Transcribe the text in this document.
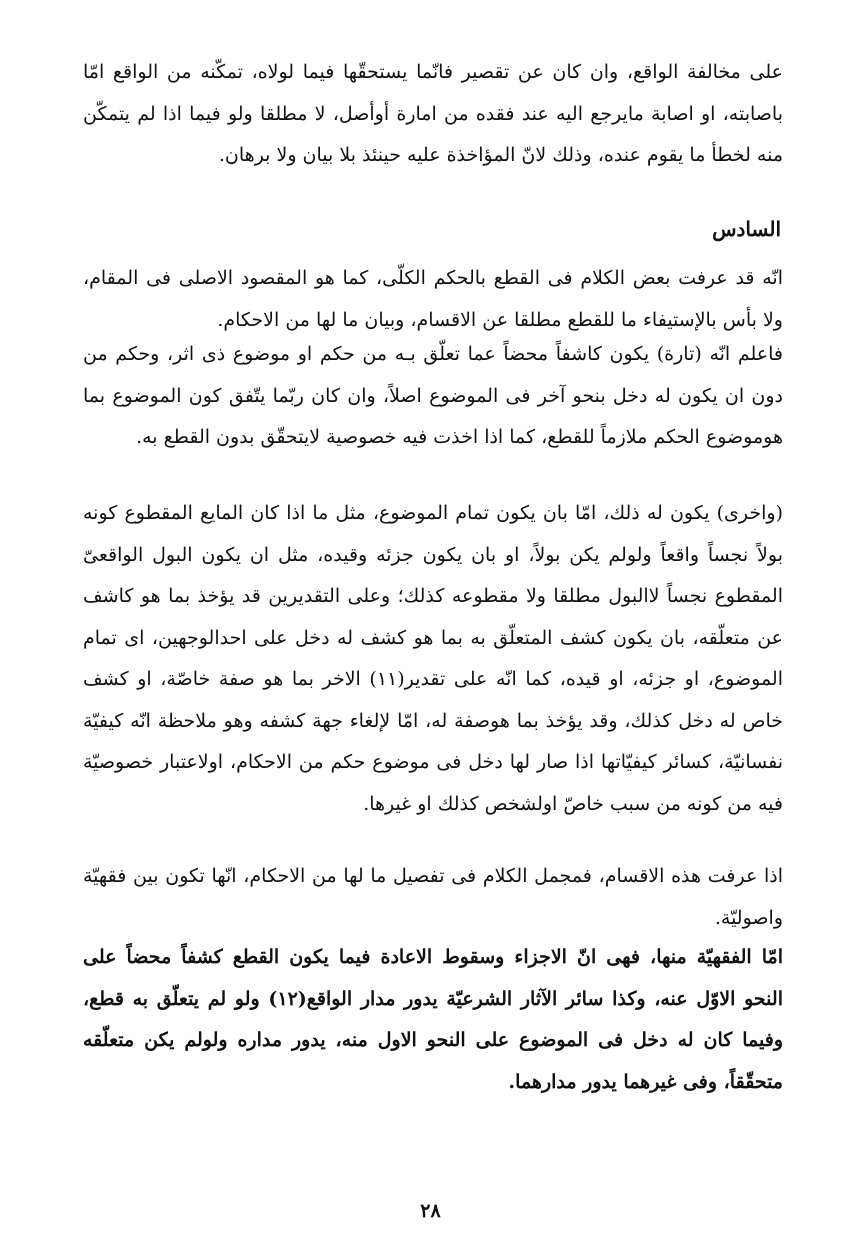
على مخالفة الواقع، وان كان عن تقصير فانّما يستحقّها فيما لولاه، تمكّنه من الواقع امّا باصابته، او اصابة مايرجع اليه عند فقده من امارة أوأصل، لا مطلقا ولو فيما اذا لم يتمكّن منه لخطأ ما يقوم عنده، وذلك لانّ المؤاخذة عليه حينئذ بلا بيان ولا برهان.

السادس

انّه قد عرفت بعض الكلام فى القطع بالحكم الكلّى، كما هو المقصود الاصلى فى المقام، ولا بأس بالإستيفاء ما للقطع مطلقا عن الاقسام، وبيان ما لها من الاحكام.

فاعلم انّه (تارة) يكون كاشفاً محضاً عما تعلّق بـه من حكم او موضوع ذى اثر، وحكم من دون ان يكون له دخل بنحو آخر فى الموضوع اصلاً، وان كان ربّما يتّفق كون الموضوع بما هوموضوع الحكم ملازماً للقطع، كما اذا اخذت فيه خصوصية لايتحقّق بدون القطع به.

(واخرى) يكون له ذلك، امّا بان يكون تمام الموضوع، مثل ما اذا كان المايع المقطوع كونه بولاً نجساً واقعاً ولولم يكن بولاً، او بان يكون جزئه وقيده، مثل ان يكون البول الواقعىّ المقطوع نجساً لاالبول مطلقا ولا مقطوعه كذلك؛ وعلى التقديرين قد يؤخذ بما هو كاشف عن متعلّقه، بان يكون كشف المتعلّق به بما هو كشف له دخل على احدالوجهين، اى تمام الموضوع، او جزئه، او قيده، كما انّه على تقدير(١١) الاخر بما هو صفة خاصّة، او كشف خاص له دخل كذلك، وقد يؤخذ بما هوصفة له، امّا لإلغاء جهة كشفه وهو ملاحظة انّه كيفيّة نفسانيّة، كسائر كيفيّاتها اذا صار لها دخل فى موضوع حكم من الاحكام، اولاعتبار خصوصيّة فيه من كونه من سبب خاصّ اولشخص كذلك او غيرها.

اذا عرفت هذه الاقسام، فمجمل الكلام فى تفصيل ما لها من الاحكام، انّها تكون بين فقهيّة واصوليّة.

امّا الفقهيّة منها، فهى انّ الاجزاء وسقوط الاعادة فيما يكون القطع كشفاً محضاً على النحو الاوّل عنه، وكذا سائر الآثار الشرعيّة يدور مدار الواقع(١٢) ولو لم يتعلّق به قطع، وفيما كان له دخل فى الموضوع على النحو الاول منه، يدور مداره ولولم يكن متعلّقه متحقّقاً، وفى غيرهما يدور مدارهما.

٢٨
